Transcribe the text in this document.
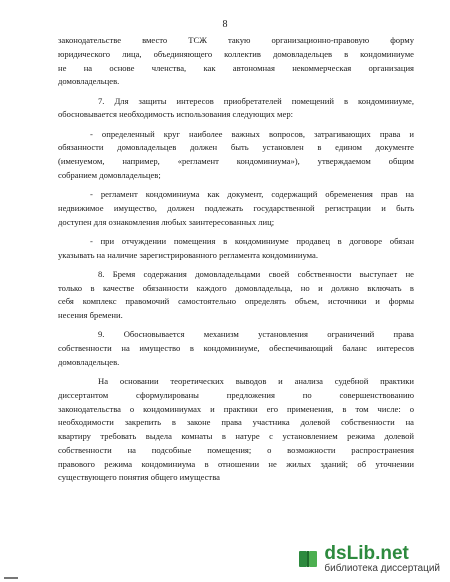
8
законодательстве вместо ТСЖ такую организационно-правовую форму
юридического лица, объединяющего коллектив домовладельцев в кондоминиуме
не на основе членства, как автономная некоммерческая организация
домовладельцев.
7. Для защиты интересов приобретателей помещений в кондоминиуме,
обосновывается необходимость использования следующих мер:
- определенный круг наиболее важных вопросов, затрагивающих права и
обязанности домовладельцев должен быть установлен в едином документе
(именуемом, например, «регламент кондоминиума»), утверждаемом общим
собранием домовладельцев;
- регламент кондоминиума как документ, содержащий обременения прав на
недвижимое имущество, должен подлежать государственной регистрации и быть
доступен для ознакомления любых заинтересованных лиц;
- при отчуждении помещения в кондоминиуме продавец в договоре обязан
указывать на наличие зарегистрированного регламента кондоминиума.
8. Бремя содержания домовладельцами своей собственности выступает не
только в качестве обязанности каждого домовладельца, но и должно включать в
себя комплекс правомочий самостоятельно определять объем, источники и формы
несения бремени.
9. Обосновывается механизм установления ограничений права
собственности на имущество в кондоминиуме, обеспечивающий баланс интересов
домовладельцев.
На основании теоретических выводов и анализа судебной практики
диссертантом сформулированы предложения по совершенствованию
законодательства о кондоминиумах и практики его применения, в том числе: о
необходимости закрепить в законе права участника долевой собственности на
квартиру требовать выдела комнаты в натуре с установлением режима долевой
собственности на подсобные помещения; о возможности распространения
правового режима кондоминиума в отношении не жилых зданий; об уточнении
существующего понятия общего имущества
dsLib.net
библиотека диссертаций
